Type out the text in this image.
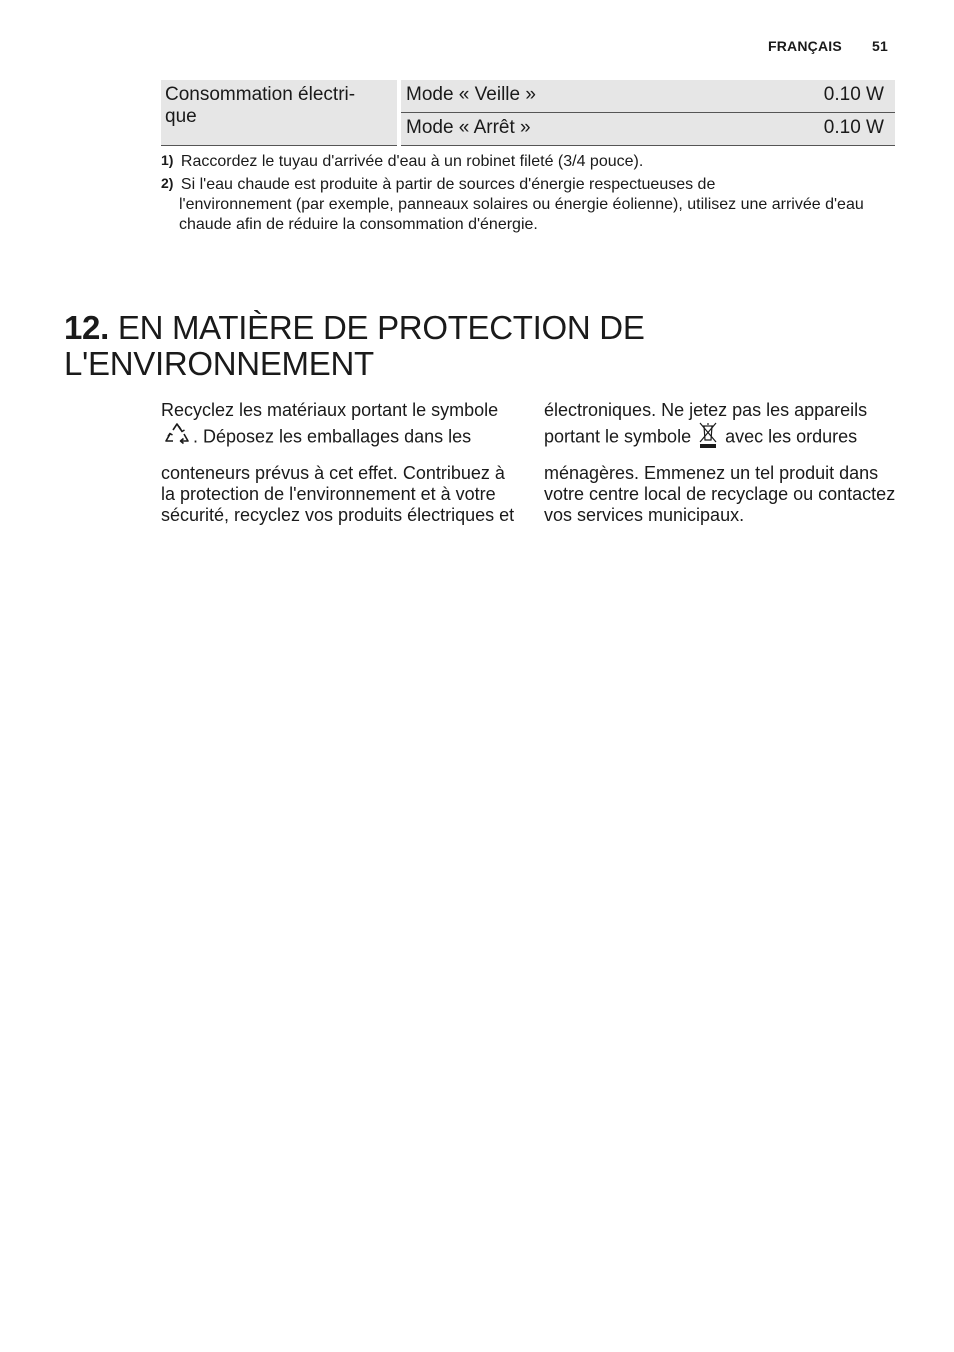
FRANÇAIS 51
Consommation électri-
que		Mode « Veille »	0.10 W
		Mode « Arrêt »	0.10 W
$^{1)}$ Raccordez le tuyau d'arrivée d'eau à un robinet fileté (3/4 pouce).
$^{2)}$ Si l'eau chaude est produite à partir de sources d'énergie respectueuses de
l'environnement (par exemple, panneaux solaires ou énergie éolienne), utilisez une arrivée d'eau chaude afin de réduire la consommation d'énergie.
12. EN MATIÈRE DE PROTECTION DE
L'ENVIRONNEMENT

Recyclez les matériaux portant le symbole

. Déposez les emballages dans les

conteneurs prévus à cet effet. Contribuez à la protection de l'environnement et à votre sécurité, recyclez vos produits électriques et

électroniques. Ne jetez pas les appareils

portant le symbole avec les ordures

ménagères. Emmenez un tel produit dans votre centre local de recyclage ou contactez vos services municipaux.
